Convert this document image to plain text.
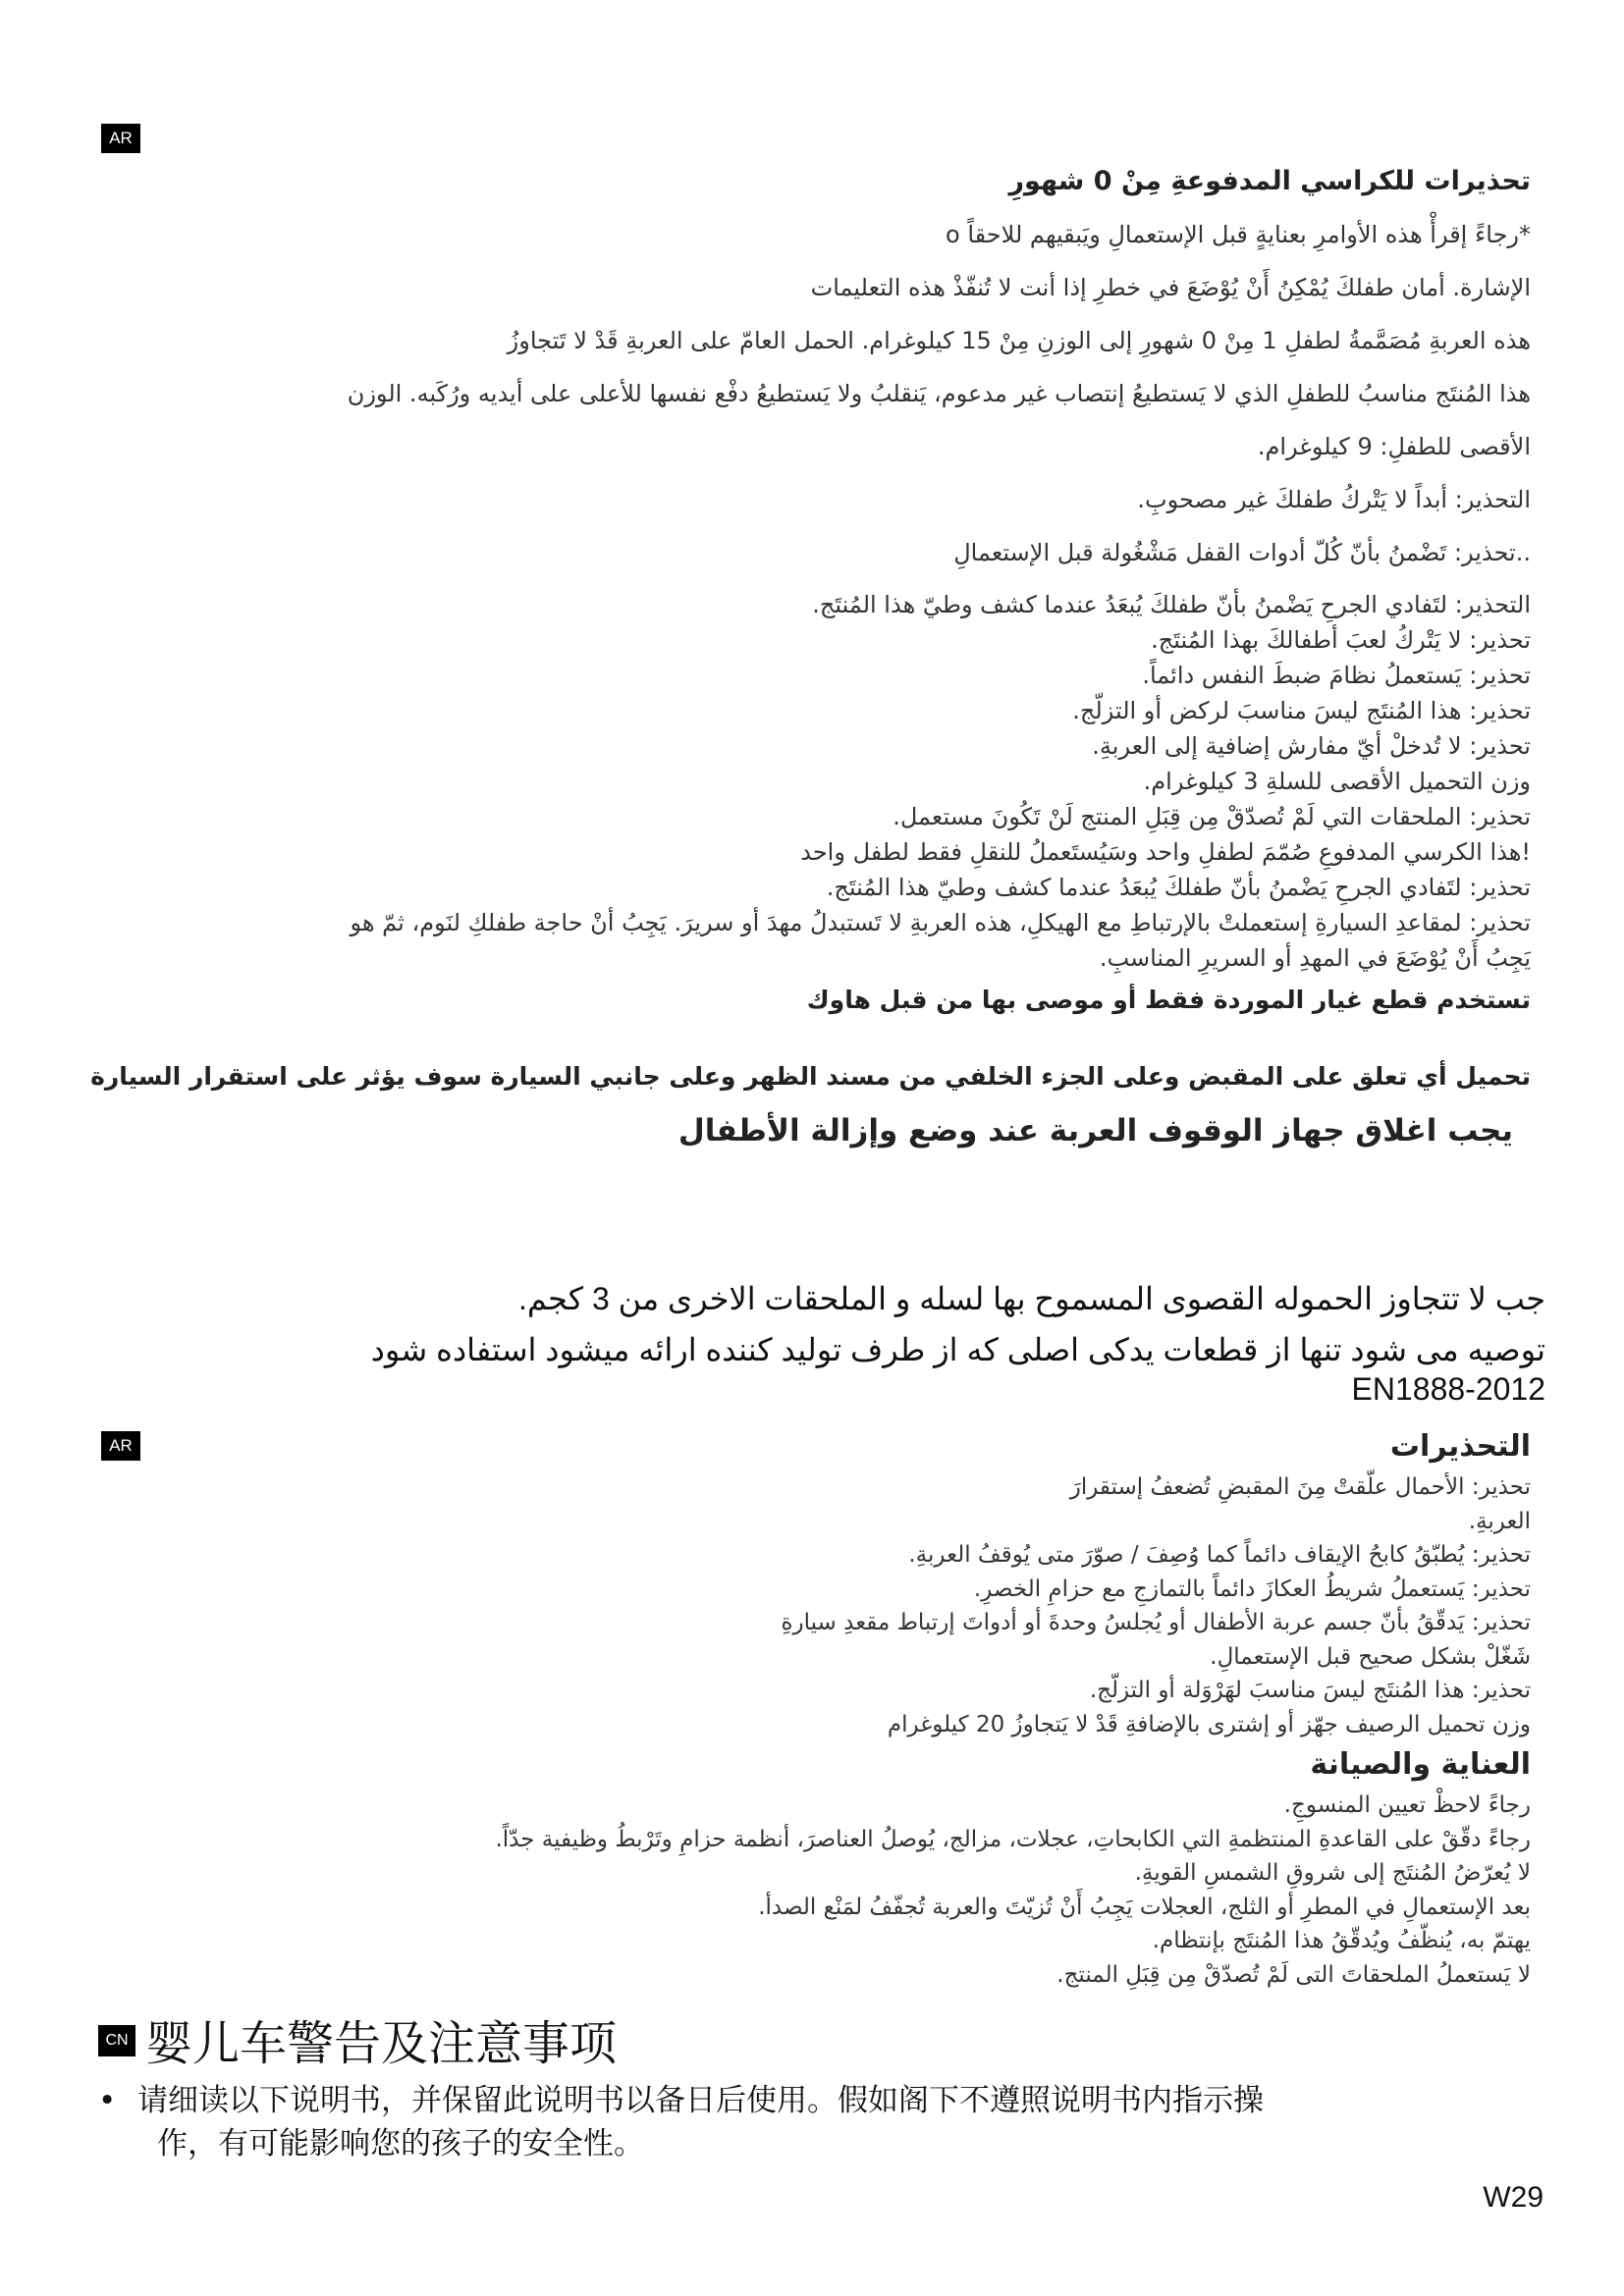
AR
تحذيرات للكراسي المدفوعةِ مِنْ 0 شهورِ
*رجاءً إقرأْ هذه الأوامرِ بعنايةٍ قبل الإستعمالِ ويَبقيهم للاحقاً o
الإشارة. أمان طفلكَ يُمْكِنُ أَنْ يُوْضَعَ في خطرِ إذا أنت لا تُنفّذْ هذه التعليمات
هذه العربةِ مُصَمَّمةُ لطفلِ 1 مِنْ 0 شهورِ إلى الوزنِ مِنْ 15 كيلوغرام. الحمل العامّ على العربةِ قَدْ لا تَتجاوزُ
هذا المُنتَج مناسبُ للطفلِ الذي لا يَستطيعُ إنتصاب غير مدعوم، يَنقلبُ ولا يَستطيعُ دفْع نفسها للأعلى على أيديه ورُكَبه. الوزن
الأقصى للطفلِ: 9 كيلوغرام.
التحذير: أبداً لا يَتْركُ طفلكَ غير مصحوبِ.
..تحذير: تَضْمنُ بأنّ كُلّ أدوات القفل مَشْغُولة قبل الإستعمالِ
التحذير: لتَفادي الجرحِ يَضْمنُ بأنّ طفلكَ يُبعَدُ عندما كشف وطيّ هذا المُنتَج.
تحذير: لا يَتْركُ لعبَ أطفالكَ بهذا المُنتَج.
تحذير: يَستعملُ نظامَ ضبطَ النفس دائماً.
تحذير: هذا المُنتَج ليسَ مناسبَ لركض أو التزلّج.
تحذير: لا تُدخلْ أيّ مفارش إضافية إلى العربةِ.
وزن التحميل الأقصى للسلةِ 3 كيلوغرام.
تحذير: الملحقات التي لَمْ تُصدّقْ مِن قِبَلِ المنتج لَنْ تَكُونَ مستعمل.
!هذا الكرسي المدفوعِ صُمّمَ لطفلِ واحد وسَيُستَعملُ للنقلِ فقط لطفل واحد
تحذير: لتَفادي الجرحِ يَضْمنُ بأنّ طفلكَ يُبعَدُ عندما كشف وطيّ هذا المُنتَج.
تحذير: لمقاعدِ السيارةِ إستعملتْ بالإرتباطِ مع الهيكلِ، هذه العربةِ لا تَستبدلُ مهدَ أو سريرَ. يَجِبُ أنْ حاجة طفلكِ لنَوم، ثمّ هو
يَجِبُ أَنْ يُوْضَعَ في المهدِ أو السريرِ المناسبِ.
تستخدم قطع غيار الموردة فقط أو موصى بها من قبل هاوك
تحميل أي تعلق على المقبض وعلى الجزء الخلفي من مسند الظهر وعلى جانبي السيارة سوف يؤثر على استقرار السيارة
يجب اغلاق جهاز الوقوف العربة عند وضع وإزالة الأطفال
جب لا تتجاوز الحموله القصوى المسموح بها لسله و الملحقات الاخرى من 3 كجم.
توصيه مى شود تنها از قطعات يدكى اصلى كه از طرف توليد كننده ارائه ميشود استفاده شود
EN1888-2012
AR	التحذيرات
تحذير: الأحمال علّقتْ مِنَ المقبضِ تُضعفُ إستقرارَ
العربةِ.
تحذير: يُطبّقُ كابحُ الإيقاف دائماً كما وُصِفَ / صوّرَ متى يُوقفُ العربةِ.
تحذير: يَستعملُ شريطُ العكازَ دائماً بالتمازجِ مع حزامِ الخصرِ.
تحذير: يَدقّقُ بأنّ جسم عربة الأطفال أو يُجلسُ وحدةَ أو أدواتَ إرتباط مقعدِ سيارةِ
شَغّلْ بشكل صحيح قبل الإستعمالِ.
تحذير: هذا المُنتَج ليسَ مناسبَ لهَرْوَلة أو التزلّج.
وزن تحميل الرصيف جهّز أو إشترى بالإضافةِ قَدْ لا يَتجاوزُ 20 كيلوغرام
العناية والصيانة
رجاءً لاحظْ تعيين المنسوجِ.
رجاءً دقّقْ على القاعدةِ المنتظمةِ التي الكابحاتِ، عجلات، مزالج، يُوصلُ العناصرَ، أنظمة حزامِ وتَرْبطُ وظيفية جدّاً.
لا يُعرّضُ المُنتَج إلى شروقِ الشمسِ القويةِ.
بعد الإستعمالِ في المطرِ أو الثلج، العجلات يَجِبُ أَنْ تُزيّتَ والعربة تُجفّفُ لمَنْع الصدأ.
يهتمّ به، يُنظّفُ ويُدقّقُ هذا المُنتَج بإنتظام.
لا يَستعملُ الملحقاتَ التى لَمْ تُصدّقْ مِن قِبَلِ المنتج.
CN 婴儿车警告及注意事项
• 请细读以下说明书，并保留此说明书以备日后使用。假如阁下不遵照说明书内指示操
作，有可能影响您的孩子的安全性。
W29
